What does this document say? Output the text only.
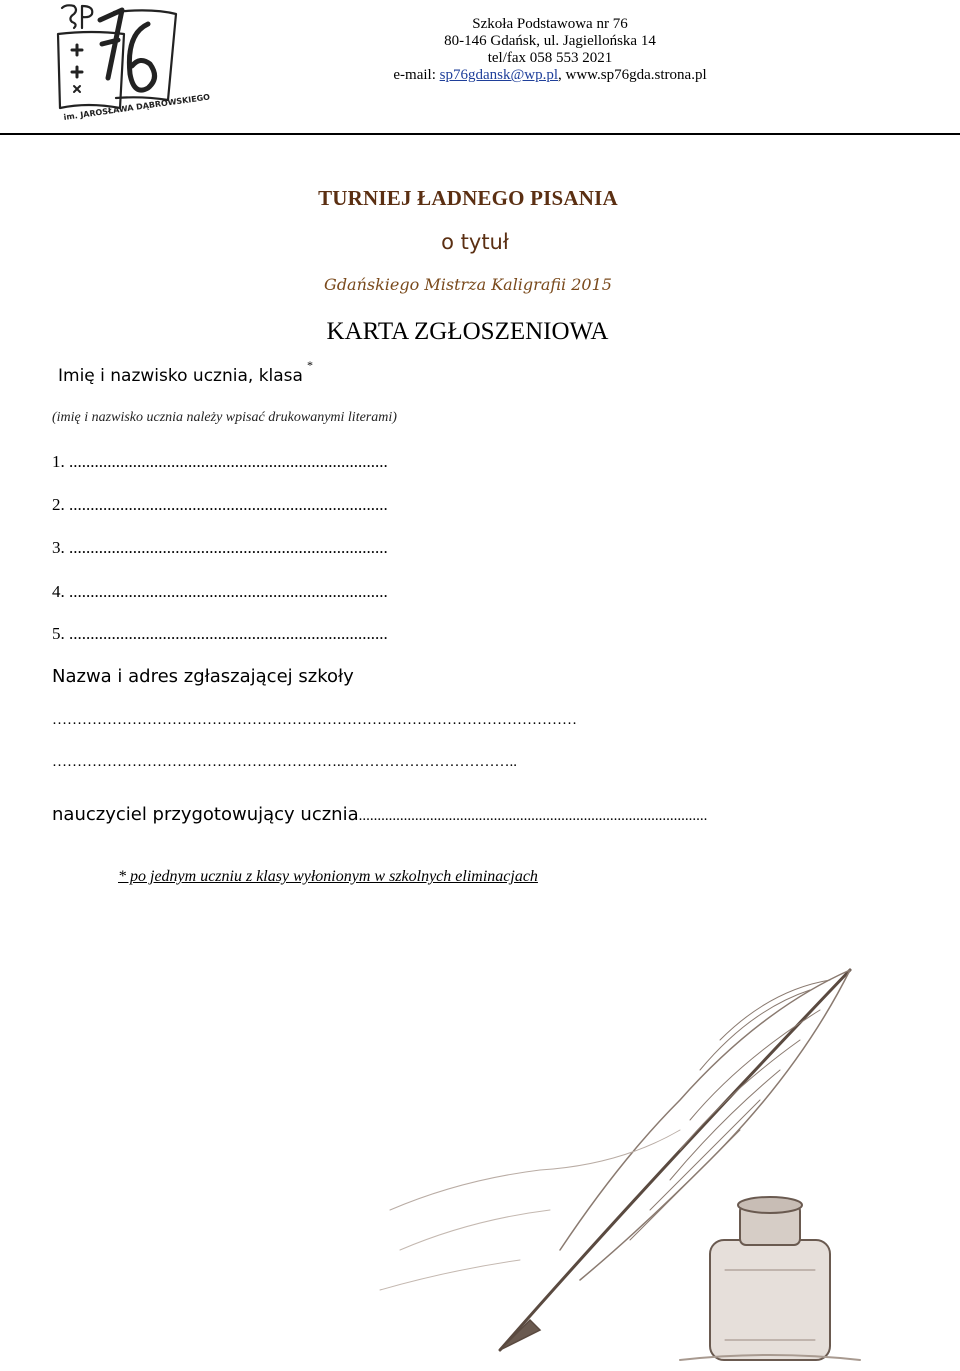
im. JAROSŁAWA DĄBROWSKIEGO
Szkoła Podstawowa nr 76
80-146 Gdańsk, ul. Jagiellońska 14
tel/fax 058 553 2021
e-mail: sp76gdansk@wp.pl, www.sp76gda.strona.pl
TURNIEJ ŁADNEGO PISANIA
o tytuł
Gdańskiego Mistrza Kaligrafii 2015
KARTA ZGŁOSZENIOWA
Imię i nazwisko ucznia, klasa*
(imię i nazwisko ucznia należy wpisać drukowanymi literami)
1. ...........................................................................
2. ...........................................................................
3. ...........................................................................
4. ...........................................................................
5. ...........................................................................
Nazwa i adres zgłaszającej szkoły
……………………………………………………………………………………………
…………………………………………………..……………………………..
nauczyciel przygotowujący ucznia.............................................................................................
* po jednym uczniu z klasy wyłonionym w szkolnych eliminacjach
